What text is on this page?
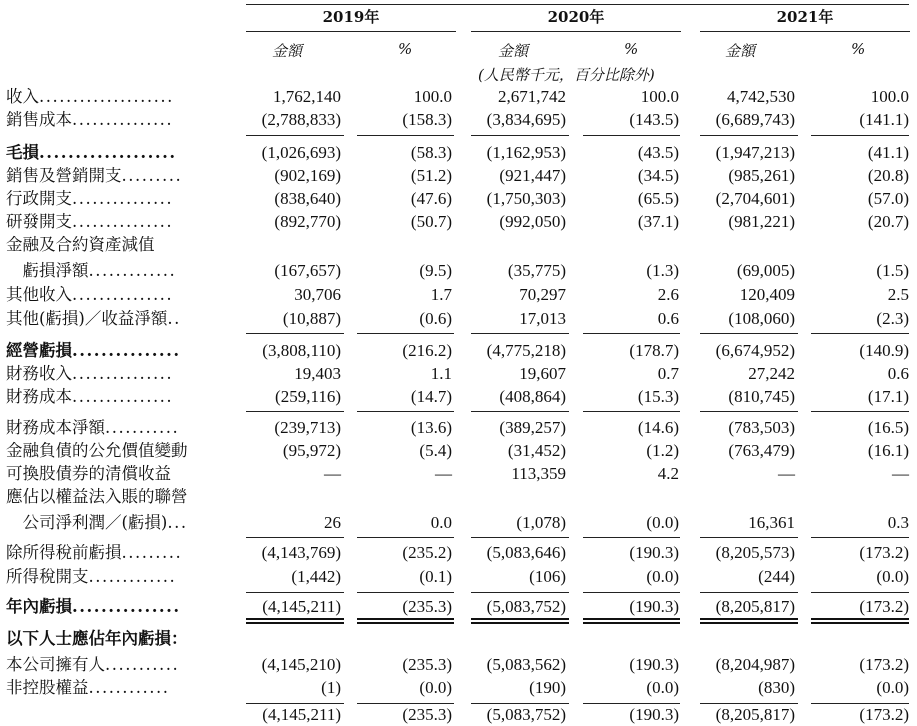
2019年	2020年	2021年
金額	%	金額	%	金額	%
(人民幣千元，百分比除外)
收入....................	1,762,140	100.0	2,671,742	100.0	4,742,530	100.0
銷售成本...............	(2,788,833)	(158.3) (3,834,695)	(143.5) (6,689,743)	(141.1)
毛損...................	(1,026,693)	(58.3) (1,162,953)	(43.5) (1,947,213)	(41.1)
銷售及營銷開支.........	(902,169)	(51.2)	(921,447)	(34.5)	(985,261)	(20.8)
行政開支...............	(838,640)	(47.6) (1,750,303)	(65.5) (2,704,601)	(57.0)
研發開支...............	(892,770)	(50.7)	(992,050)	(37.1)	(981,221)	(20.7)
金融及合約資產減值
　虧損淨額.............	(167,657)	(9.5)	(35,775)	(1.3)	(69,005)	(1.5)
其他收入...............	30,706	1.7	70,297	2.6	120,409	2.5
其他(虧損)／收益淨額..	(10,887)	(0.6)	17,013	0.6	(108,060)	(2.3)
經營虧損...............	(3,808,110)	(216.2) (4,775,218)	(178.7) (6,674,952)	(140.9)
財務收入...............	19,403	1.1	19,607	0.7	27,242	0.6
財務成本...............	(259,116)	(14.7)	(408,864)	(15.3)	(810,745)	(17.1)
財務成本淨額...........	(239,713)	(13.6)	(389,257)	(14.6)	(783,503)	(16.5)
金融負債的公允價值變動	(95,972)	(5.4)	(31,452)	(1.2)	(763,479)	(16.1)
可換股債券的清償收益	—	—	113,359	4.2	—	—
應佔以權益法入賬的聯營
　公司淨利潤／(虧損)...	26	0.0	(1,078)	(0.0)	16,361	0.3
除所得稅前虧損.........	(4,143,769)	(235.2) (5,083,646)	(190.3) (8,205,573)	(173.2)
所得稅開支.............	(1,442)	(0.1)	(106)	(0.0)	(244)	(0.0)
年內虧損...............	(4,145,211)	(235.3) (5,083,752)	(190.3) (8,205,817)	(173.2)
以下人士應佔年內虧損：
本公司擁有人...........	(4,145,210)	(235.3) (5,083,562)	(190.3) (8,204,987)	(173.2)
非控股權益............	(1)	(0.0)	(190)	(0.0)	(830)	(0.0)
(4,145,211)	(235.3) (5,083,752)	(190.3) (8,205,817)	(173.2)
